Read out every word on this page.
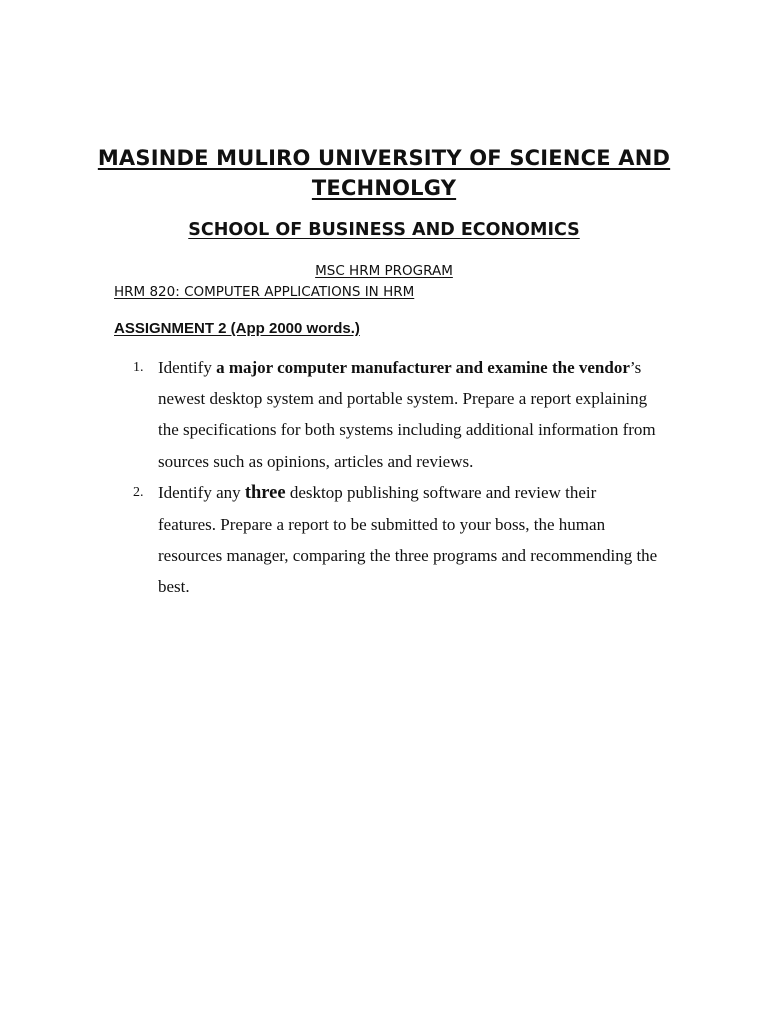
MASINDE MULIRO UNIVERSITY OF SCIENCE AND
TECHNOLGY
SCHOOL OF BUSINESS AND ECONOMICS
MSC HRM PROGRAM
HRM 820: COMPUTER APPLICATIONS IN HRM
ASSIGNMENT 2 (App 2000 words.)
1. Identify a major computer manufacturer and examine the vendor’s newest desktop system and portable system. Prepare a report explaining the specifications for both systems including additional information from sources such as opinions, articles and reviews.
2. Identify any three desktop publishing software and review their features. Prepare a report to be submitted to your boss, the human resources manager, comparing the three programs and recommending the best.
